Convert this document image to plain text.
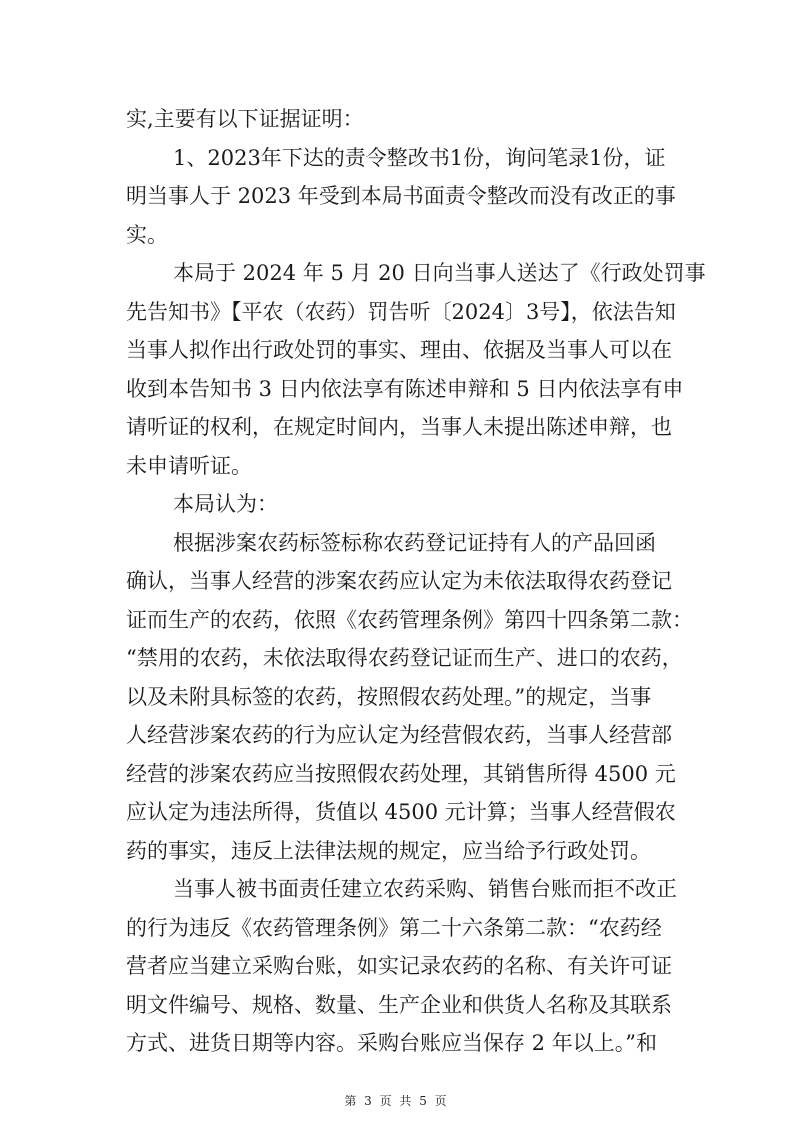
实,主要有以下证据证明：
1、2023年下达的责令整改书1份，询问笔录1份，证
明当事人于 2023 年受到本局书面责令整改而没有改正的事
实。
本局于 2024 年 5 月 20 日向当事人送达了《行政处罚事
先告知书》【平农（农药）罚告听〔2024〕3号】，依法告知
当事人拟作出行政处罚的事实、理由、依据及当事人可以在
收到本告知书 3 日内依法享有陈述申辩和 5 日内依法享有申
请听证的权利，在规定时间内，当事人未提出陈述申辩，也
未申请听证。
本局认为：
根据涉案农药标签标称农药登记证持有人的产品回函
确认，当事人经营的涉案农药应认定为未依法取得农药登记
证而生产的农药，依照《农药管理条例》第四十四条第二款：
“禁用的农药，未依法取得农药登记证而生产、进口的农药，
以及未附具标签的农药，按照假农药处理。”的规定，当事
人经营涉案农药的行为应认定为经营假农药，当事人经营部
经营的涉案农药应当按照假农药处理，其销售所得 4500 元
应认定为违法所得，货值以 4500 元计算；当事人经营假农
药的事实，违反上法律法规的规定，应当给予行政处罚。
当事人被书面责任建立农药采购、销售台账而拒不改正
的行为违反《农药管理条例》第二十六条第二款：“农药经
营者应当建立采购台账，如实记录农药的名称、有关许可证
明文件编号、规格、数量、生产企业和供货人名称及其联系
方式、进货日期等内容。采购台账应当保存 2 年以上。”和
第 3 页 共 5 页
